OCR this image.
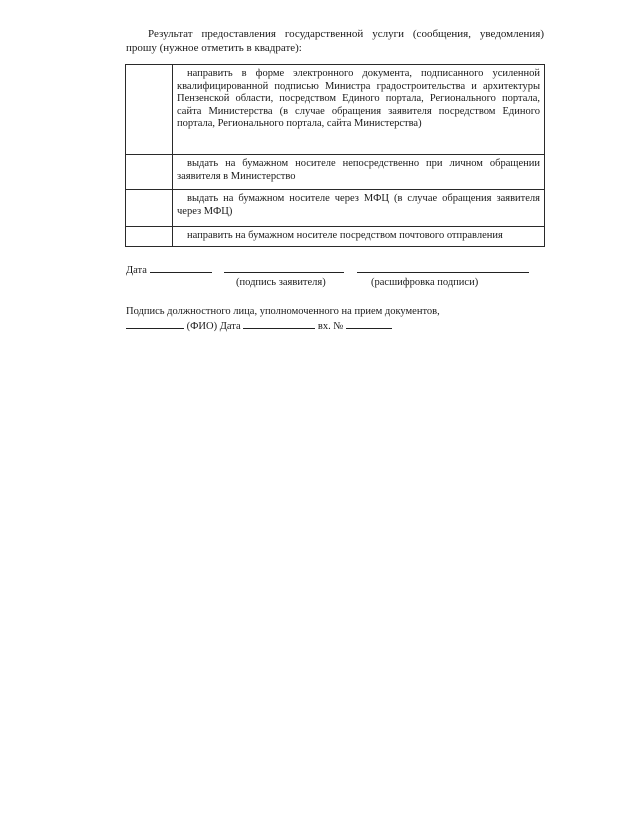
Результат предоставления государственной услуги (сообщения, уведомления) прошу (нужное отметить в квадрате):

	направить в форме электронного документа, подписанного усиленной квалифицированной подписью Министра градостроительства и архитектуры Пензенской области, посредством Единого портала, Регионального портала, сайта Министерства (в случае обращения заявителя посредством Единого портала, Регионального портала, сайта Министерства)
	выдать на бумажном носителе непосредственно при личном обращении заявителя в Министерство
	выдать на бумажном носителе через МФЦ (в случае обращения заявителя через МФЦ)
	направить на бумажном носителе посредством почтового отправления
Дата
(подпись заявителя)	(расшифровка подписи)
Подпись должностного лица, уполномоченного на прием документов,
(ФИО) Дата	вх. №
